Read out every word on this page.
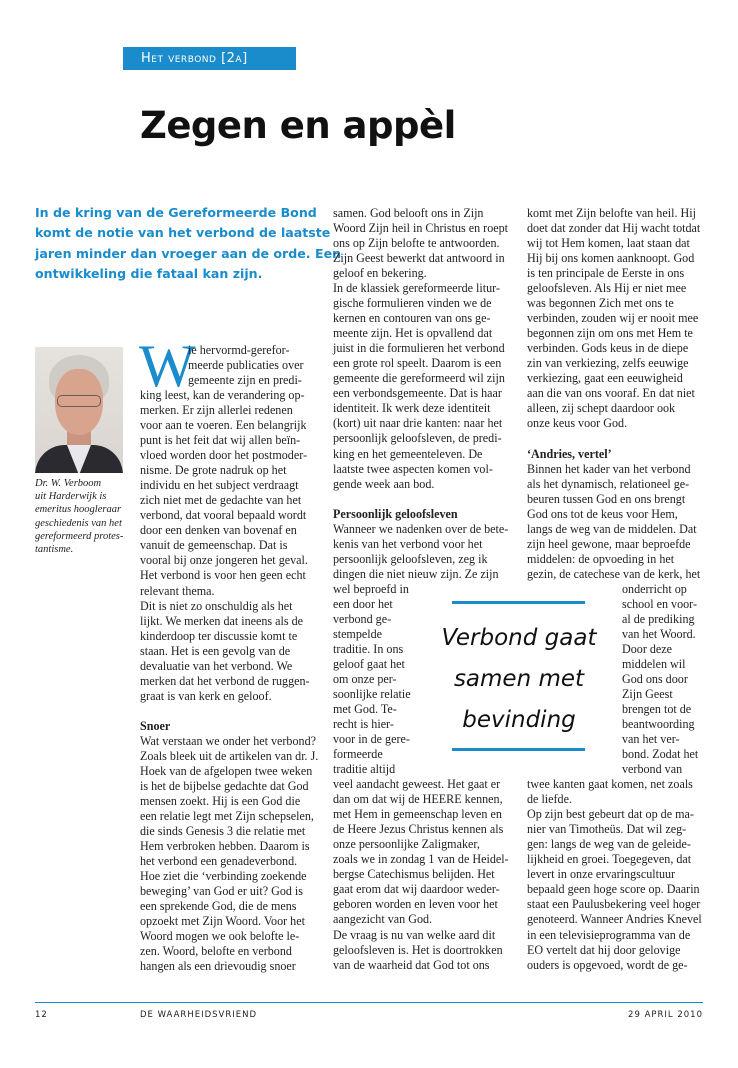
Het verbond [2a]
Zegen en appèl
In de kring van de Gereformeerde Bond
komt de notie van het verbond de laatste
jaren minder dan vroeger aan de orde. Een
ontwikkeling die fataal kan zijn.
Dr. W. Verboom
uit Harderwijk is
emeritus hoogleraar
geschiedenis van het
gereformeerd protes-
tantisme.
W
ie hervormd-gerefor-
meerde publicaties over
gemeente zijn en predi-
king leest, kan de verandering op-
merken. Er zijn allerlei redenen
voor aan te voeren. Een belangrijk
punt is het feit dat wij allen beïn-
vloed worden door het postmoder-
nisme. De grote nadruk op het
individu en het subject verdraagt
zich niet met de gedachte van het
verbond, dat vooral bepaald wordt
door een denken van bovenaf en
vanuit de gemeenschap. Dat is
vooral bij onze jongeren het geval.
Het verbond is voor hen geen echt
relevant thema.
Dit is niet zo onschuldig als het
lijkt. We merken dat ineens als de
kinderdoop ter discussie komt te
staan. Het is een gevolg van de
devaluatie van het verbond. We
merken dat het verbond de ruggen-
graat is van kerk en geloof.
Snoer
Wat verstaan we onder het verbond?
Zoals bleek uit de artikelen van dr. J.
Hoek van de afgelopen twee weken
is het de bijbelse gedachte dat God
mensen zoekt. Hij is een God die
een relatie legt met Zijn schepselen,
die sinds Genesis 3 die relatie met
Hem verbroken hebben. Daarom is
het verbond een genadeverbond.
Hoe ziet die ‘verbinding zoekende
beweging’ van God er uit? God is
een sprekende God, die de mens
opzoekt met Zijn Woord. Voor het
Woord mogen we ook belofte le-
zen. Woord, belofte en verbond
hangen als een drievoudig snoer
samen. God belooft ons in Zijn
Woord Zijn heil in Christus en roept
ons op Zijn belofte te antwoorden.
Zijn Geest bewerkt dat antwoord in
geloof en bekering.
In de klassiek gereformeerde litur-
gische formulieren vinden we de
kernen en contouren van ons ge-
meente zijn. Het is opvallend dat
juist in die formulieren het verbond
een grote rol speelt. Daarom is een
gemeente die gereformeerd wil zijn
een verbondsgemeente. Dat is haar
identiteit. Ik werk deze identiteit
(kort) uit naar drie kanten: naar het
persoonlijk geloofsleven, de predi-
king en het gemeenteleven. De
laatste twee aspecten komen vol-
gende week aan bod.
Persoonlijk geloofsleven
Wanneer we nadenken over de bete-
kenis van het verbond voor het
persoonlijk geloofsleven, zeg ik
dingen die niet nieuw zijn. Ze zijn
wel beproefd in
een door het
verbond ge-
stempelde
traditie. In ons
geloof gaat het
om onze per-
soonlijke relatie
met God. Te-
recht is hier-
voor in de gere-
formeerde
traditie altijd
veel aandacht geweest. Het gaat er
dan om dat wij de HEERE kennen,
met Hem in gemeenschap leven en
de Heere Jezus Christus kennen als
onze persoonlijke Zaligmaker,
zoals we in zondag 1 van de Heidel-
bergse Catechismus belijden. Het
gaat erom dat wij daardoor weder-
geboren worden en leven voor het
aangezicht van God.
De vraag is nu van welke aard dit
geloofsleven is. Het is doortrokken
van de waarheid dat God tot ons
komt met Zijn belofte van heil. Hij
doet dat zonder dat Hij wacht totdat
wij tot Hem komen, laat staan dat
Hij bij ons komen aanknoopt. God
is ten principale de Eerste in ons
geloofsleven. Als Hij er niet mee
was begonnen Zich met ons te
verbinden, zouden wij er nooit mee
begonnen zijn om ons met Hem te
verbinden. Gods keus in de diepe
zin van verkiezing, zelfs eeuwige
verkiezing, gaat een eeuwigheid
aan die van ons vooraf. En dat niet
alleen, zij schept daardoor ook
onze keus voor God.
‘Andries, vertel’
Binnen het kader van het verbond
als het dynamisch, relationeel ge-
beuren tussen God en ons brengt
God ons tot de keus voor Hem,
langs de weg van de middelen. Dat
zijn heel gewone, maar beproefde
middelen: de opvoeding in het
gezin, de catechese van de kerk, het
onderricht op
school en voor-
al de prediking
van het Woord.
Door deze
middelen wil
God ons door
Zijn Geest
brengen tot de
beantwoording
van het ver-
bond. Zodat het
verbond van
twee kanten gaat komen, net zoals
de liefde.
Op zijn best gebeurt dat op de ma-
nier van Timotheüs. Dat wil zeg-
gen: langs de weg van de geleide-
lijkheid en groei. Toegegeven, dat
levert in onze ervaringscultuur
bepaald geen hoge score op. Daarin
staat een Paulusbekering veel hoger
genoteerd. Wanneer Andries Knevel
in een televisieprogramma van de
EO vertelt dat hij door gelovige
ouders is opgevoed, wordt de ge-
Verbond gaat
samen met
bevinding
12	DE WAARHEIDSVRIEND	29 APRIL 2010
